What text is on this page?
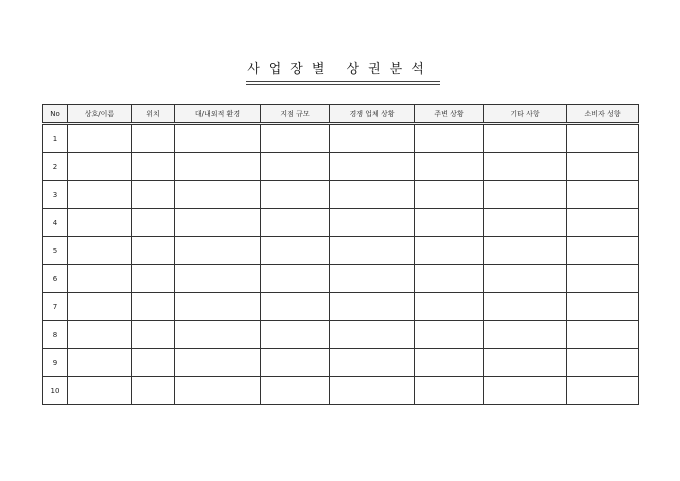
사업장별 상권분석
No	상호/이름	위치	대/내외적 환경	지점 규모	경쟁 업체 상황	주변 상황	기타 사항	소비자 성향
1								
2								
3								
4								
5								
6								
7								
8								
9								
10								
